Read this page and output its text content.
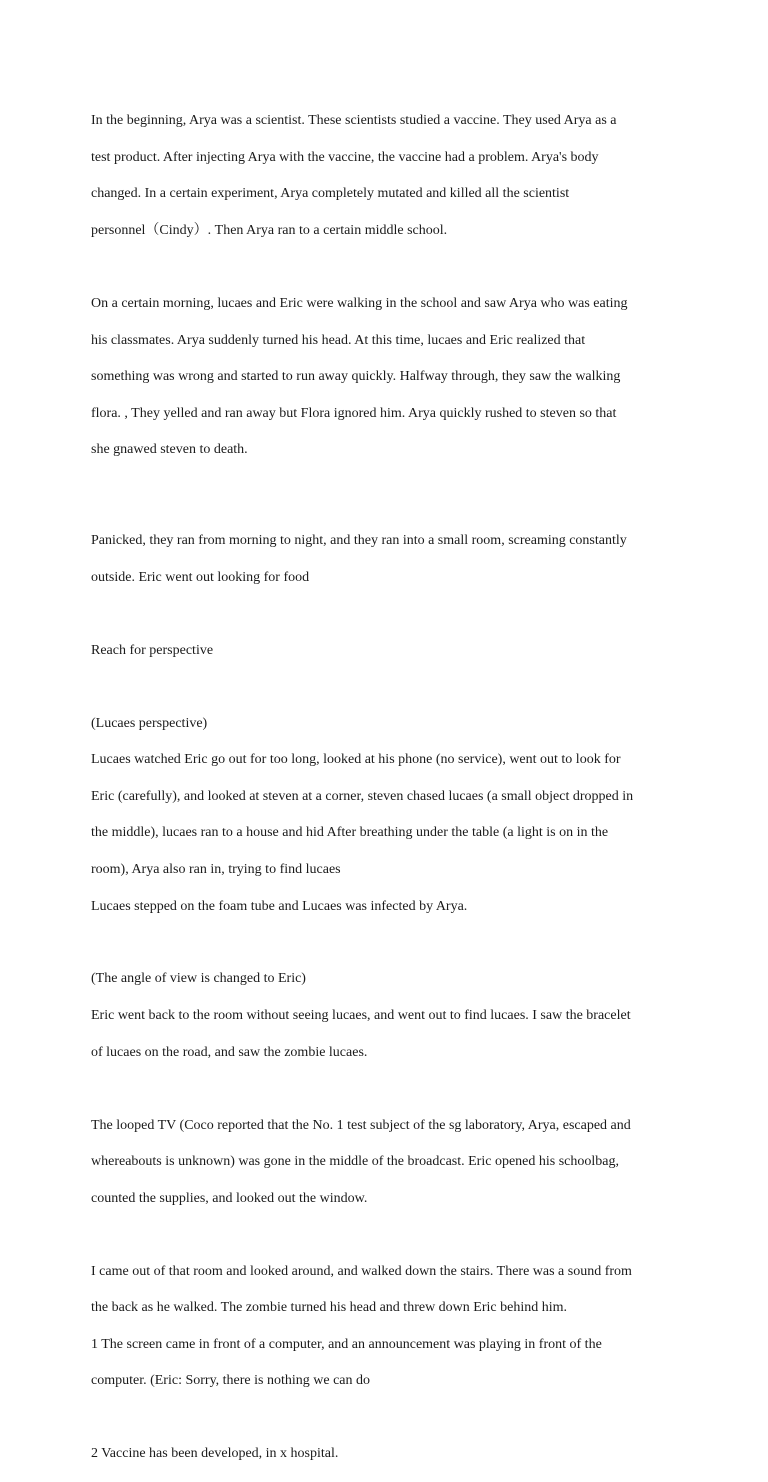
In the beginning, Arya was a scientist. These scientists studied a vaccine. They used Arya as a

test product. After injecting Arya with the vaccine, the vaccine had a problem. Arya's body

changed. In a certain experiment, Arya completely mutated and killed all the scientist

personnel（Cindy）. Then Arya ran to a certain middle school.

On a certain morning, lucaes and Eric were walking in the school and saw Arya who was eating

his classmates. Arya suddenly turned his head. At this time, lucaes and Eric realized that

something was wrong and started to run away quickly. Halfway through, they saw the walking

flora. , They yelled and ran away but Flora ignored him. Arya quickly rushed to steven so that

she gnawed steven to death.

Panicked, they ran from morning to night, and they ran into a small room, screaming constantly

outside. Eric went out looking for food

Reach for perspective

(Lucaes perspective)

Lucaes watched Eric go out for too long, looked at his phone (no service), went out to look for

Eric (carefully), and looked at steven at a corner, steven chased lucaes (a small object dropped in

the middle), lucaes ran to a house and hid After breathing under the table (a light is on in the

room), Arya also ran in, trying to find lucaes

Lucaes stepped on the foam tube and Lucaes was infected by Arya.

(The angle of view is changed to Eric)

Eric went back to the room without seeing lucaes, and went out to find lucaes. I saw the bracelet

of lucaes on the road, and saw the zombie lucaes.

The looped TV (Coco reported that the No. 1 test subject of the sg laboratory, Arya, escaped and

whereabouts is unknown) was gone in the middle of the broadcast. Eric opened his schoolbag,

counted the supplies, and looked out the window.

I came out of that room and looked around, and walked down the stairs. There was a sound from

the back as he walked. The zombie turned his head and threw down Eric behind him.

1 The screen came in front of a computer, and an announcement was playing in front of the

computer. (Eric: Sorry, there is nothing we can do

2 Vaccine has been developed, in x hospital.
